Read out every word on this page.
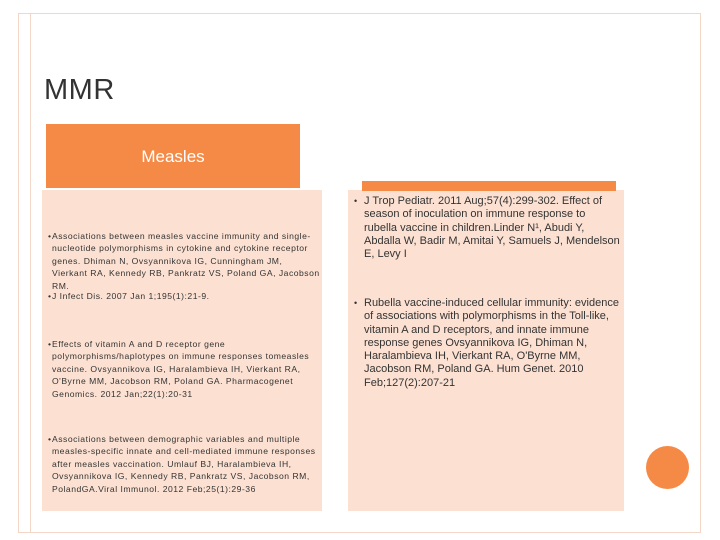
MMR
Measles
• Associations between measles vaccine immunity and single-nucleotide polymorphisms in cytokine and cytokine receptor genes. Dhiman N, Ovsyannikova IG, Cunningham JM, Vierkant RA, Kennedy RB, Pankratz VS, Poland GA, Jacobson RM.
• J Infect Dis. 2007 Jan 1;195(1):21-9.
• Effects of vitamin A and D receptor gene polymorphisms/haplotypes on immune responses tomeasles vaccine. Ovsyannikova IG, Haralambieva IH, Vierkant RA, O'Byrne MM, Jacobson RM, Poland GA. Pharmacogenet Genomics. 2012 Jan;22(1):20-31
• Associations between demographic variables and multiple measles-specific innate and cell-mediated immune responses after measles vaccination. Umlauf BJ, Haralambieva IH, Ovsyannikova IG, Kennedy RB, Pankratz VS, Jacobson RM, PolandGA.Viral Immunol. 2012 Feb;25(1):29-36
• J Trop Pediatr. 2011 Aug;57(4):299-302. Effect of season of inoculation on immune response to rubella vaccine in children.Linder N¹, Abudi Y, Abdalla W, Badir M, Amitai Y, Samuels J, Mendelson E, Levy I
• Rubella vaccine-induced cellular immunity: evidence of associations with polymorphisms in the Toll-like, vitamin A and D receptors, and innate immune response genes Ovsyannikova IG, Dhiman N, Haralambieva IH, Vierkant RA, O'Byrne MM, Jacobson RM, Poland GA. Hum Genet. 2010 Feb;127(2):207-21
